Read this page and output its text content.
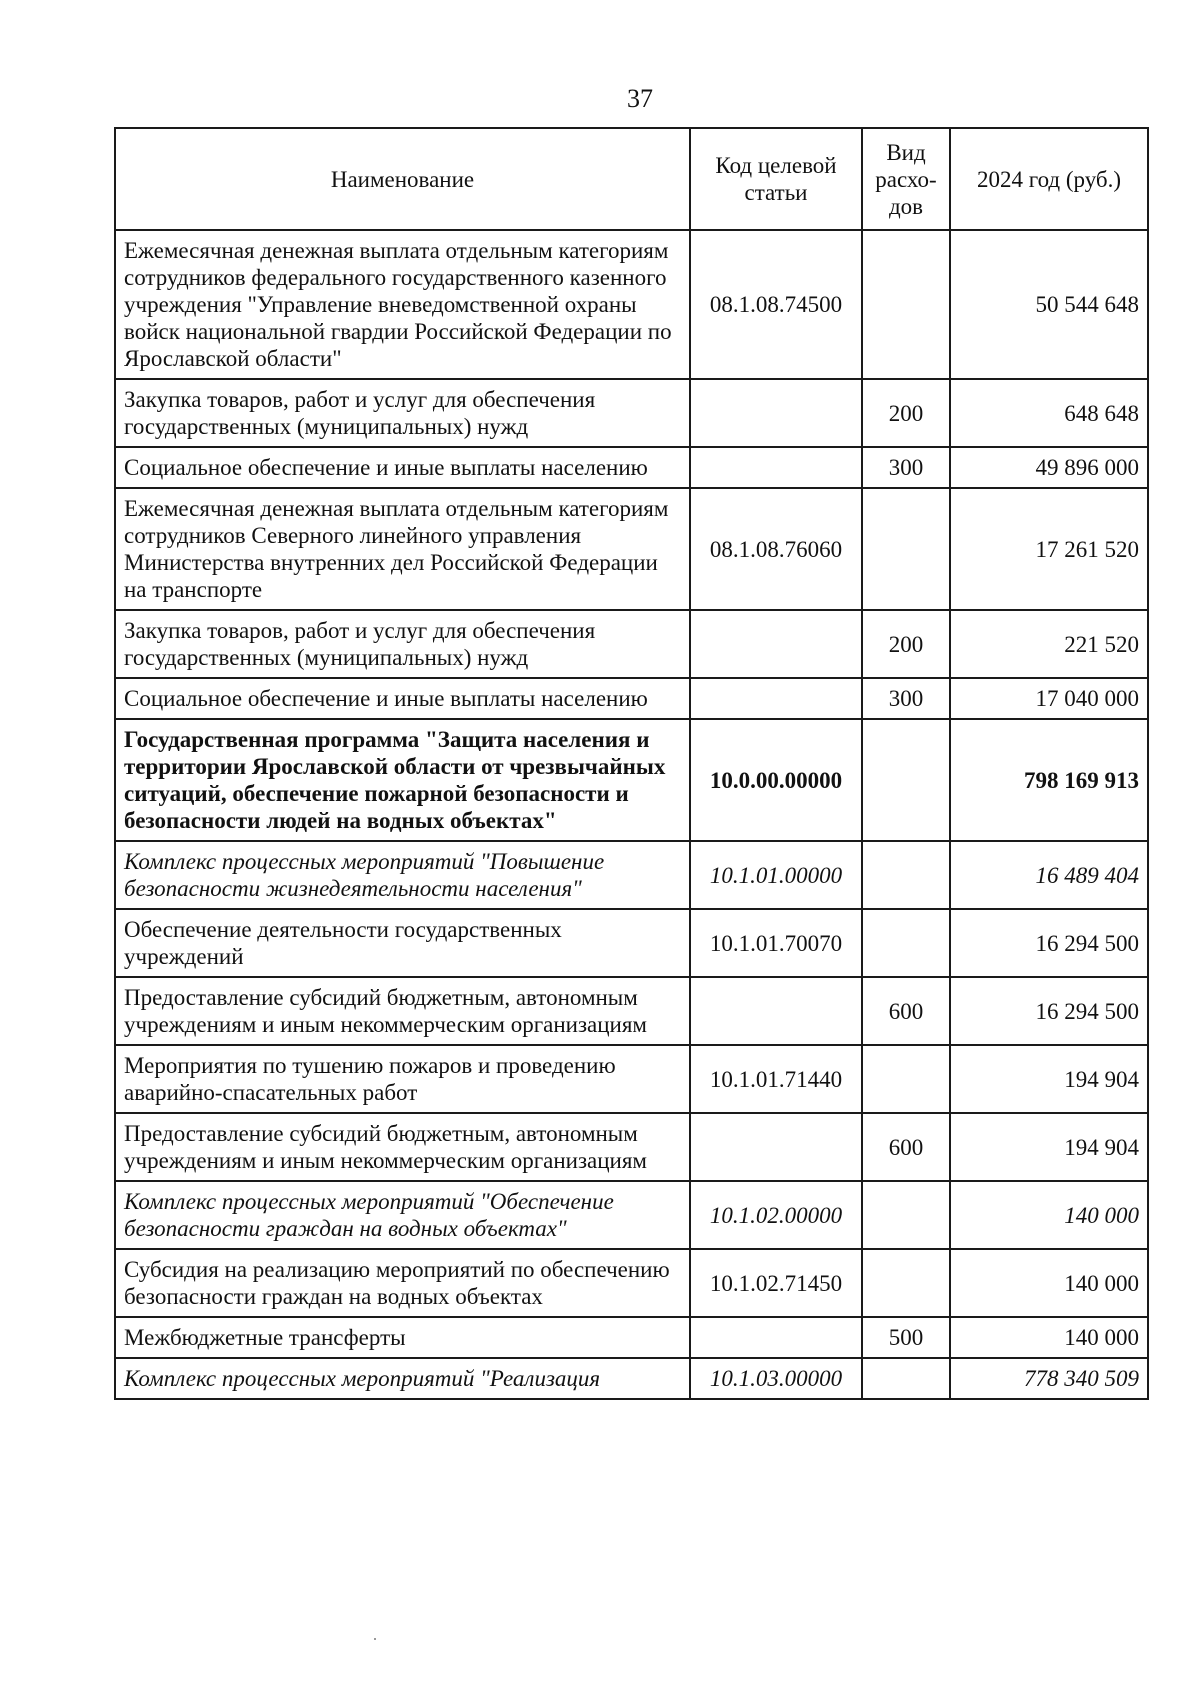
37
Наименование	Код целевой статьи	Вид расхо-дов	2024 год (руб.)
Ежемесячная денежная выплата отдельным категориям сотрудников федерального государственного казенного учреждения "Управление вневедомственной охраны войск национальной гвардии Российской Федерации по Ярославской области"	08.1.08.74500		50 544 648
Закупка товаров, работ и услуг для обеспечения государственных (муниципальных) нужд		200	648 648
Социальное обеспечение и иные выплаты населению		300	49 896 000
Ежемесячная денежная выплата отдельным категориям сотрудников Северного линейного управления Министерства внутренних дел Российской Федерации на транспорте	08.1.08.76060		17 261 520
Закупка товаров, работ и услуг для обеспечения государственных (муниципальных) нужд		200	221 520
Социальное обеспечение и иные выплаты населению		300	17 040 000
Государственная программа "Защита населения и территории Ярославской области от чрезвычайных ситуаций, обеспечение пожарной безопасности и безопасности людей на водных объектах"	10.0.00.00000		798 169 913
Комплекс процессных мероприятий "Повышение безопасности жизнедеятельности населения"	10.1.01.00000		16 489 404
Обеспечение деятельности государственных учреждений	10.1.01.70070		16 294 500
Предоставление субсидий бюджетным, автономным учреждениям и иным некоммерческим организациям		600	16 294 500
Мероприятия по тушению пожаров и проведению аварийно-спасательных работ	10.1.01.71440		194 904
Предоставление субсидий бюджетным, автономным учреждениям и иным некоммерческим организациям		600	194 904
Комплекс процессных мероприятий "Обеспечение безопасности граждан на водных объектах"	10.1.02.00000		140 000
Субсидия на реализацию мероприятий по обеспечению безопасности граждан на водных объектах	10.1.02.71450		140 000
Межбюджетные трансферты		500	140 000
Комплекс процессных мероприятий "Реализация	10.1.03.00000		778 340 509
